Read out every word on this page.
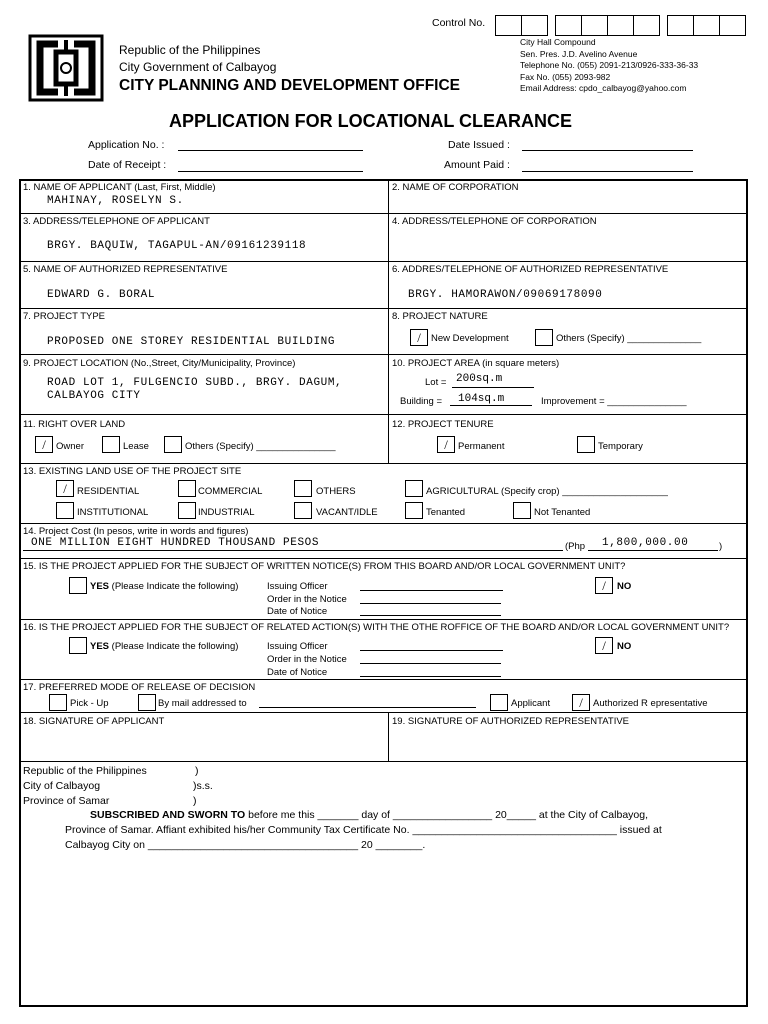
Control No.
Republic of the Philippines
City Government of Calbayog
CITY PLANNING AND DEVELOPMENT OFFICE
City Hall Compound
Sen. Pres. J.D. Avelino Avenue
Telephone No. (055) 2091-213/0926-333-36-33
Fax No. (055) 2093-982
Email Address: cpdo_calbayog@yahoo.com
APPLICATION FOR LOCATIONAL CLEARANCE
Application No. :
Date of Receipt :
Date Issued :
Amount Paid :
1. NAME OF APPLICANT (Last, First, Middle)
MAHINAY, ROSELYN S.
2. NAME OF CORPORATION
3. ADDRESS/TELEPHONE OF APPLICANT
BRGY. BAQUIW, TAGAPUL-AN/09161239118
4. ADDRESS/TELEPHONE OF CORPORATION
5. NAME OF AUTHORIZED REPRESENTATIVE
EDWARD G. BORAL
6. ADDRES/TELEPHONE OF AUTHORIZED REPRESENTATIVE
BRGY. HAMORAWON/09069178090
7. PROJECT TYPE
PROPOSED ONE STOREY RESIDENTIAL BUILDING
8. PROJECT NATURE
/	New Development	Others (Specify) ______________
9. PROJECT LOCATION (No.,Street, City/Municipality, Province)
ROAD LOT 1, FULGENCIO SUBD., BRGY. DAGUM,
CALBAYOG CITY
10. PROJECT AREA (in square meters)
Lot = 200sq.m
Building = 104sq.m	Improvement = _______________
11. RIGHT OVER LAND
/	Owner	Lease	Others (Specify) _______________
12. PROJECT TENURE
/	Permanent	Temporary
13. EXISTING LAND USE OF THE PROJECT SITE
/	RESIDENTIAL	COMMERCIAL	OTHERS	AGRICULTURAL (Specify crop) ____________________
INSTITUTIONAL	INDUSTRIAL	VACANT/IDLE	Tenanted	Not Tenanted
14. Project Cost (In pesos, write in words and figures)
ONE MILLION EIGHT HUNDRED THOUSAND PESOS	(Php 1,800,000.00	)
15. IS THE PROJECT APPLIED FOR THE SUBJECT OF WRITTEN NOTICE(S) FROM THIS BOARD AND/OR LOCAL GOVERNMENT UNIT?
YES (Please Indicate the following)	Issuing Officer
Order in the Notice
Date of Notice
/	NO
16. IS THE PROJECT APPLIED FOR THE SUBJECT OF RELATED ACTION(S) WITH THE OTHE ROFFICE OF THE BOARD AND/OR LOCAL GOVERNMENT UNIT?
YES (Please Indicate the following)	Issuing Officer
Order in the Notice
Date of Notice
/	NO
17. PREFERRED MODE OF RELEASE OF DECISION
Pick - Up	By mail addressed to	Applicant	/	Authorized R epresentative
18. SIGNATURE OF APPLICANT	19. SIGNATURE OF AUTHORIZED REPRESENTATIVE
Republic of the Philippines	)
City of Calbayog	)s.s.
Province of Samar	)
SUBSCRIBED AND SWORN TO before me this _______ day of _________________ 20_____ at the City of Calbayog,
Province of Samar. Affiant exhibited his/her Community Tax Certificate No. ___________________________________ issued at
Calbayog City on ____________________________________ 20 ________.
